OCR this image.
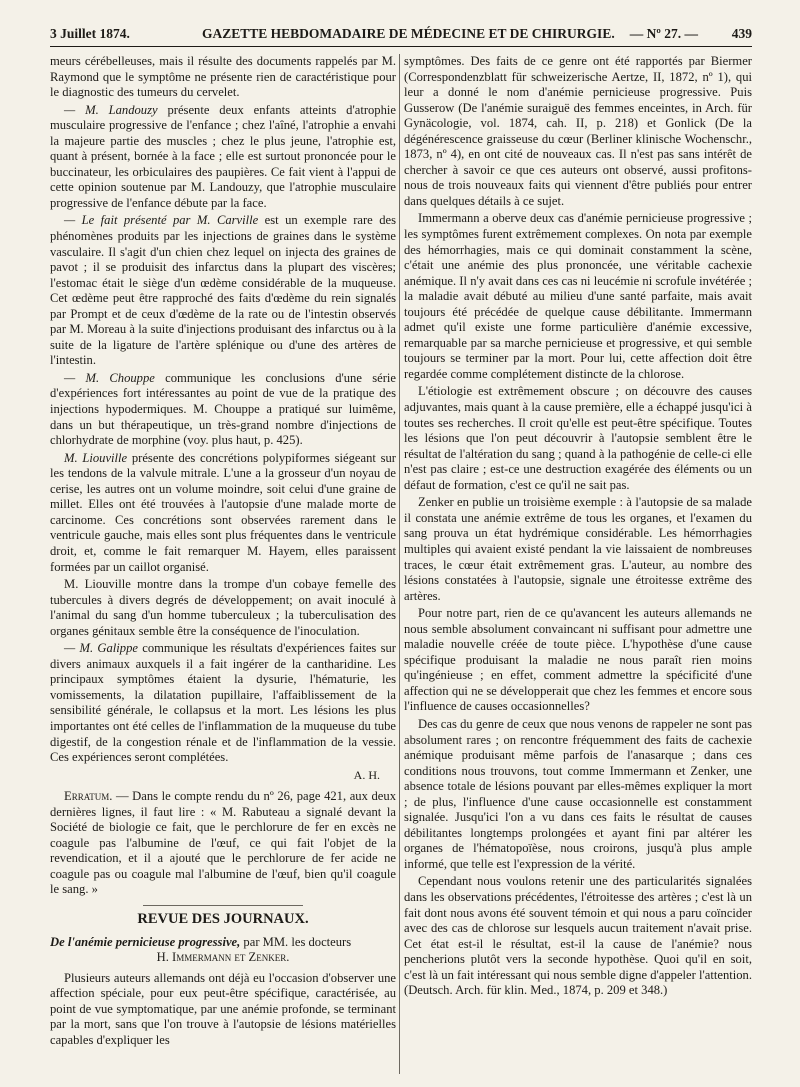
3 Juillet 1874.	GAZETTE HEBDOMADAIRE DE MÉDECINE ET DE CHIRURGIE. — Nº 27. —	439

meurs cérébelleuses, mais il résulte des documents rappelés par M. Raymond que le symptôme ne présente rien de caractéristique pour le diagnostic des tumeurs du cervelet.

— M. Landouzy présente deux enfants atteints d'atrophie musculaire progressive de l'enfance ; chez l'aîné, l'atrophie a envahi la majeure partie des muscles ; chez le plus jeune, l'atrophie est, quant à présent, bornée à la face ; elle est surtout prononcée pour le buccinateur, les orbiculaires des paupières. Ce fait vient à l'appui de cette opinion soutenue par M. Landouzy, que l'atrophie musculaire progressive de l'enfance débute par la face.

— Le fait présenté par M. Carville est un exemple rare des phénomènes produits par les injections de graines dans le système vasculaire. Il s'agit d'un chien chez lequel on injecta des graines de pavot ; il se produisit des infarctus dans la plupart des viscères; l'estomac était le siège d'un œdème considérable de la muqueuse. Cet œdème peut être rapproché des faits d'œdème du rein signalés par Prompt et de ceux d'œdème de la rate ou de l'intestin observés par M. Moreau à la suite d'injections produisant des infarctus ou à la suite de la ligature de l'artère splénique ou d'une des artères de l'intestin.

— M. Chouppe communique les conclusions d'une série d'expériences fort intéressantes au point de vue de la pratique des injections hypodermiques. M. Chouppe a pratiqué sur luimême, dans un but thérapeutique, un très-grand nombre d'injections de chlorhydrate de morphine (voy. plus haut, p. 425).

M. Liouville présente des concrétions polypiformes siégeant sur les tendons de la valvule mitrale. L'une a la grosseur d'un noyau de cerise, les autres ont un volume moindre, soit celui d'une graine de millet. Elles ont été trouvées à l'autopsie d'une malade morte de carcinome. Ces concrétions sont observées rarement dans le ventricule gauche, mais elles sont plus fréquentes dans le ventricule droit, et, comme le fait remarquer M. Hayem, elles paraissent formées par un caillot organisé.

M. Liouville montre dans la trompe d'un cobaye femelle des tubercules à divers degrés de développement; on avait inoculé à l'animal du sang d'un homme tuberculeux ; la tuberculisation des organes génitaux semble être la conséquence de l'inoculation.

— M. Galippe communique les résultats d'expériences faites sur divers animaux auxquels il a fait ingérer de la cantharidine. Les principaux symptômes étaient la dysurie, l'hématurie, les vomissements, la dilatation pupillaire, l'affaiblissement de la sensibilité générale, le collapsus et la mort. Les lésions les plus importantes ont été celles de l'inflammation de la muqueuse du tube digestif, de la congestion rénale et de l'inflammation de la vessie. Ces expériences seront complétées.

A. H.

Erratum. — Dans le compte rendu du nº 26, page 421, aux deux dernières lignes, il faut lire : « M. Rabuteau a signalé devant la Société de biologie ce fait, que le perchlorure de fer en excès ne coagule pas l'albumine de l'œuf, ce qui fait l'objet de la revendication, et il a ajouté que le perchlorure de fer acide ne coagule pas ou coagule mal l'albumine de l'œuf, bien qu'il coagule le sang. »

REVUE DES JOURNAUX.

De l'anémie pernicieuse progressive, par MM. les docteurs

H. Immermann et Zenker.

Plusieurs auteurs allemands ont déjà eu l'occasion d'observer une affection spéciale, pour eux peut-être spécifique, caractérisée, au point de vue symptomatique, par une anémie profonde, se terminant par la mort, sans que l'on trouve à l'autopsie de lésions matérielles capables d'expliquer les

symptômes. Des faits de ce genre ont été rapportés par Biermer (Correspondenzblatt für schweizerische Aertze, II, 1872, nº 1), qui leur a donné le nom d'anémie pernicieuse progressive. Puis Gusserow (De l'anémie suraiguë des femmes enceintes, in Arch. für Gynäcologie, vol. 1874, cah. II, p. 218) et Gonlick (De la dégénérescence graisseuse du cœur (Berliner klinische Wochenschr., 1873, nº 4), en ont cité de nouveaux cas. Il n'est pas sans intérêt de chercher à savoir ce que ces auteurs ont observé, aussi profitons-nous de trois nouveaux faits qui viennent d'être publiés pour entrer dans quelques détails à ce sujet.

Immermann a oberve deux cas d'anémie pernicieuse progressive ; les symptômes furent extrêmement complexes. On nota par exemple des hémorrhagies, mais ce qui dominait constamment la scène, c'était une anémie des plus prononcée, une véritable cachexie anémique. Il n'y avait dans ces cas ni leucémie ni scrofule invétérée ; la maladie avait débuté au milieu d'une santé parfaite, mais avait toujours été précédée de quelque cause débilitante. Immermann admet qu'il existe une forme particulière d'anémie excessive, remarquable par sa marche pernicieuse et progressive, et qui semble toujours se terminer par la mort. Pour lui, cette affection doit être regardée comme complétement distincte de la chlorose.

L'étiologie est extrêmement obscure ; on découvre des causes adjuvantes, mais quant à la cause première, elle a échappé jusqu'ici à toutes ses recherches. Il croit qu'elle est peut-être spécifique. Toutes les lésions que l'on peut découvrir à l'autopsie semblent être le résultat de l'altération du sang ; quand à la pathogénie de celle-ci elle n'est pas claire ; est-ce une destruction exagérée des éléments ou un défaut de formation, c'est ce qu'il ne sait pas.

Zenker en publie un troisième exemple : à l'autopsie de sa malade il constata une anémie extrême de tous les organes, et l'examen du sang prouva un état hydrémique considérable. Les hémorrhagies multiples qui avaient existé pendant la vie laissaient de nombreuses traces, le cœur était extrêmement gras. L'auteur, au nombre des lésions constatées à l'autopsie, signale une étroitesse extrême des artères.

Pour notre part, rien de ce qu'avancent les auteurs allemands ne nous semble absolument convaincant ni suffisant pour admettre une maladie nouvelle créée de toute pièce. L'hypothèse d'une cause spécifique produisant la maladie ne nous paraît rien moins qu'ingénieuse ; en effet, comment admettre la spécificité d'une affection qui ne se développerait que chez les femmes et encore sous l'influence de causes occasionnelles?

Des cas du genre de ceux que nous venons de rappeler ne sont pas absolument rares ; on rencontre fréquemment des faits de cachexie anémique produisant même parfois de l'anasarque ; dans ces conditions nous trouvons, tout comme Immermann et Zenker, une absence totale de lésions pouvant par elles-mêmes expliquer la mort ; de plus, l'influence d'une cause occasionnelle est constamment signalée. Jusqu'ici l'on a vu dans ces faits le résultat de causes débilitantes longtemps prolongées et ayant fini par altérer les organes de l'hématopoïèse, nous croirons, jusqu'à plus ample informé, que telle est l'expression de la vérité.

Cependant nous voulons retenir une des particularités signalées dans les observations précédentes, l'étroitesse des artères ; c'est là un fait dont nous avons été souvent témoin et qui nous a paru coïncider avec des cas de chlorose sur lesquels aucun traitement n'avait prise. Cet état est-il le résultat, est-il la cause de l'anémie? nous pencherions plutôt vers la seconde hypothèse. Quoi qu'il en soit, c'est là un fait intéressant qui nous semble digne d'appeler l'attention. (Deutsch. Arch. für klin. Med., 1874, p. 209 et 348.)
